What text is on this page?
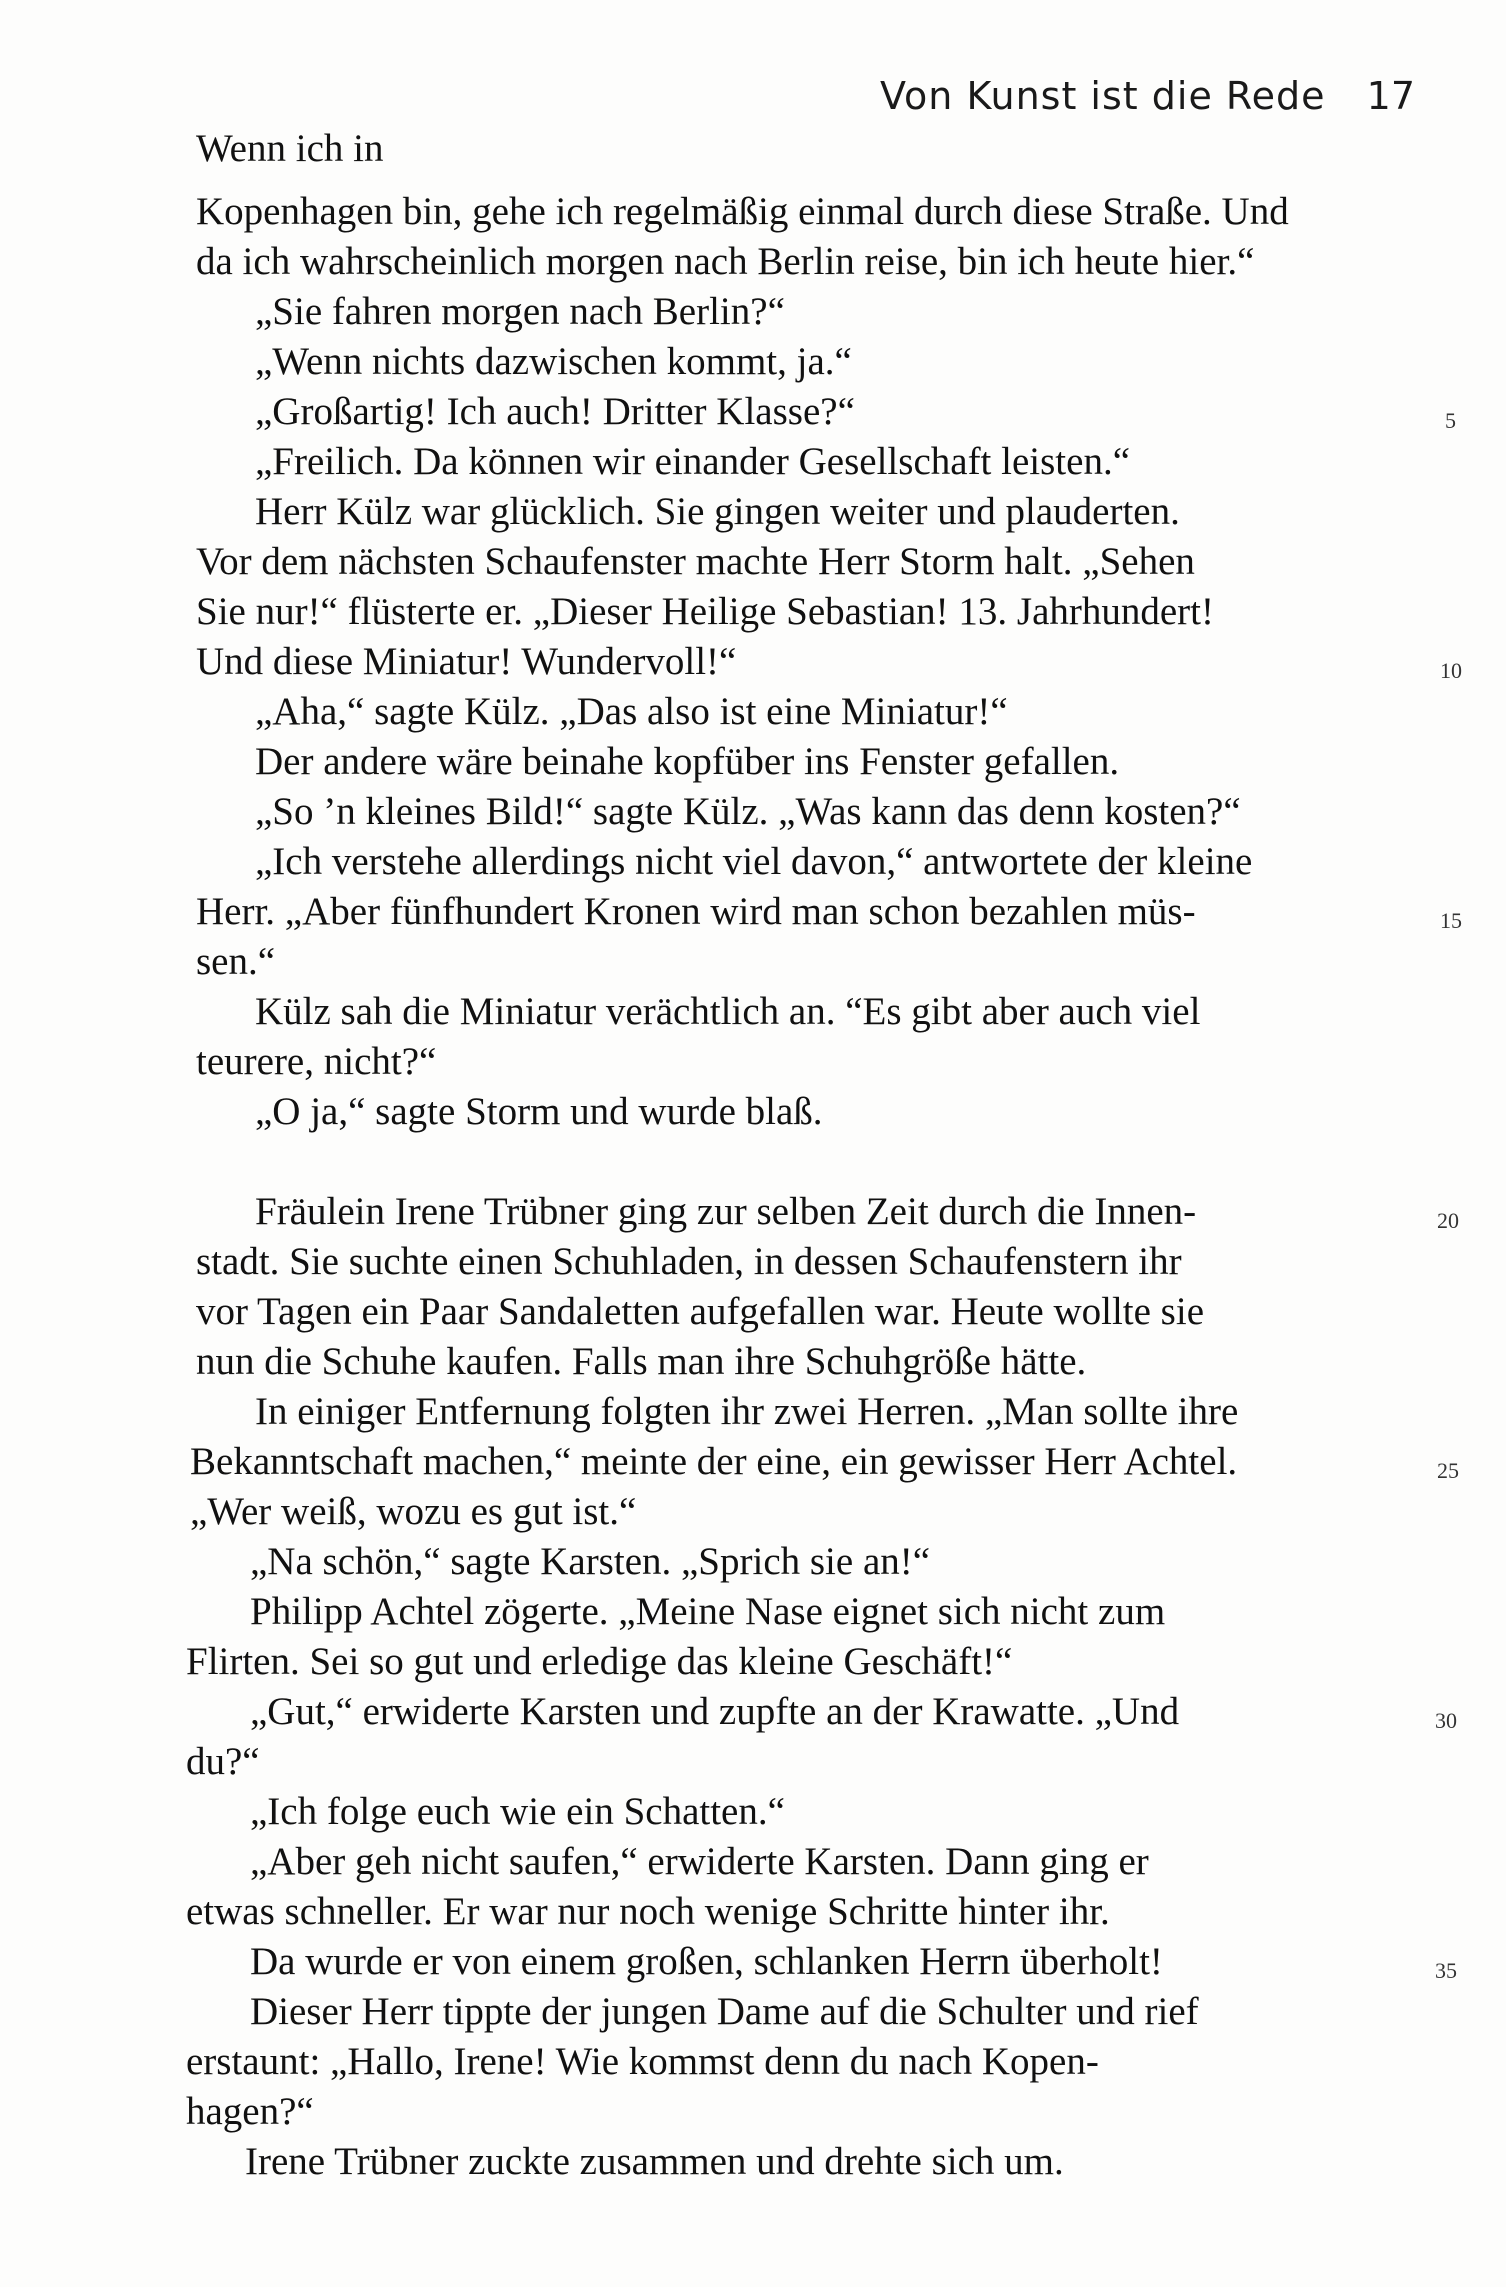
Von Kunst ist die Rede 17
Wenn ich in
Kopenhagen bin, gehe ich regelmäßig einmal durch diese Straße. Und
da ich wahrscheinlich morgen nach Berlin reise, bin ich heute hier.“
„Sie fahren morgen nach Berlin?“
„Wenn nichts dazwischen kommt, ja.“
„Großartig! Ich auch! Dritter Klasse?“
„Freilich. Da können wir einander Gesellschaft leisten.“
Herr Külz war glücklich. Sie gingen weiter und plauderten.
Vor dem nächsten Schaufenster machte Herr Storm halt. „Sehen
Sie nur!“ flüsterte er. „Dieser Heilige Sebastian! 13. Jahrhundert!
Und diese Miniatur! Wundervoll!“
„Aha,“ sagte Külz. „Das also ist eine Miniatur!“
Der andere wäre beinahe kopfüber ins Fenster gefallen.
„So ’n kleines Bild!“ sagte Külz. „Was kann das denn kosten?“
„Ich verstehe allerdings nicht viel davon,“ antwortete der kleine
Herr. „Aber fünfhundert Kronen wird man schon bezahlen müs-
sen.“
Külz sah die Miniatur verächtlich an. “Es gibt aber auch viel
teurere, nicht?“
„O ja,“ sagte Storm und wurde blaß.
Fräulein Irene Trübner ging zur selben Zeit durch die Innen-
stadt. Sie suchte einen Schuhladen, in dessen Schaufenstern ihr
vor Tagen ein Paar Sandaletten aufgefallen war. Heute wollte sie
nun die Schuhe kaufen. Falls man ihre Schuhgröße hätte.
In einiger Entfernung folgten ihr zwei Herren. „Man sollte ihre
Bekanntschaft machen,“ meinte der eine, ein gewisser Herr Achtel.
„Wer weiß, wozu es gut ist.“
„Na schön,“ sagte Karsten. „Sprich sie an!“
Philipp Achtel zögerte. „Meine Nase eignet sich nicht zum
Flirten. Sei so gut und erledige das kleine Geschäft!“
„Gut,“ erwiderte Karsten und zupfte an der Krawatte. „Und
du?“
„Ich folge euch wie ein Schatten.“
„Aber geh nicht saufen,“ erwiderte Karsten. Dann ging er
etwas schneller. Er war nur noch wenige Schritte hinter ihr.
Da wurde er von einem großen, schlanken Herrn überholt!
Dieser Herr tippte der jungen Dame auf die Schulter und rief
erstaunt: „Hallo, Irene! Wie kommst denn du nach Kopen-
hagen?“
Irene Trübner zuckte zusammen und drehte sich um.
5
10
15
20
25
30
35
